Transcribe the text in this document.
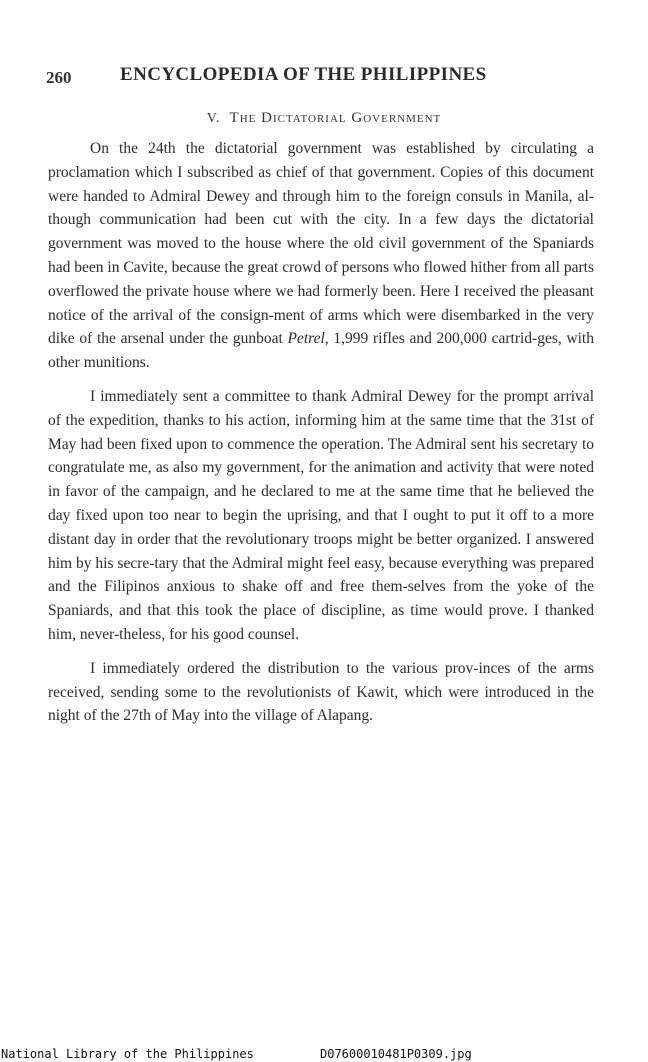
260	ENCYCLOPEDIA OF THE PHILIPPINES
V. The Dictatorial Government

On the 24th the dictatorial government was established by circulating a proclamation which I subscribed as chief of that government. Copies of this document were handed to Admiral Dewey and through him to the foreign consuls in Manila, al-though communication had been cut with the city. In a few days the dictatorial government was moved to the house where the old civil government of the Spaniards had been in Cavite, because the great crowd of persons who flowed hither from all parts overflowed the private house where we had formerly been. Here I received the pleasant notice of the arrival of the consign-ment of arms which were disembarked in the very dike of the arsenal under the gunboat Petrel, 1,999 rifles and 200,000 cartrid-ges, with other munitions.

I immediately sent a committee to thank Admiral Dewey for the prompt arrival of the expedition, thanks to his action, informing him at the same time that the 31st of May had been fixed upon to commence the operation. The Admiral sent his secretary to congratulate me, as also my government, for the animation and activity that were noted in favor of the campaign, and he declared to me at the same time that he believed the day fixed upon too near to begin the uprising, and that I ought to put it off to a more distant day in order that the revolutionary troops might be better organized. I answered him by his secre-tary that the Admiral might feel easy, because everything was prepared and the Filipinos anxious to shake off and free them-selves from the yoke of the Spaniards, and that this took the place of discipline, as time would prove. I thanked him, never-theless, for his good counsel.

I immediately ordered the distribution to the various prov-inces of the arms received, sending some to the revolutionists of Kawit, which were introduced in the night of the 27th of May into the village of Alapang.

National Library of the Philippines	D07600010481P0309.jpg
